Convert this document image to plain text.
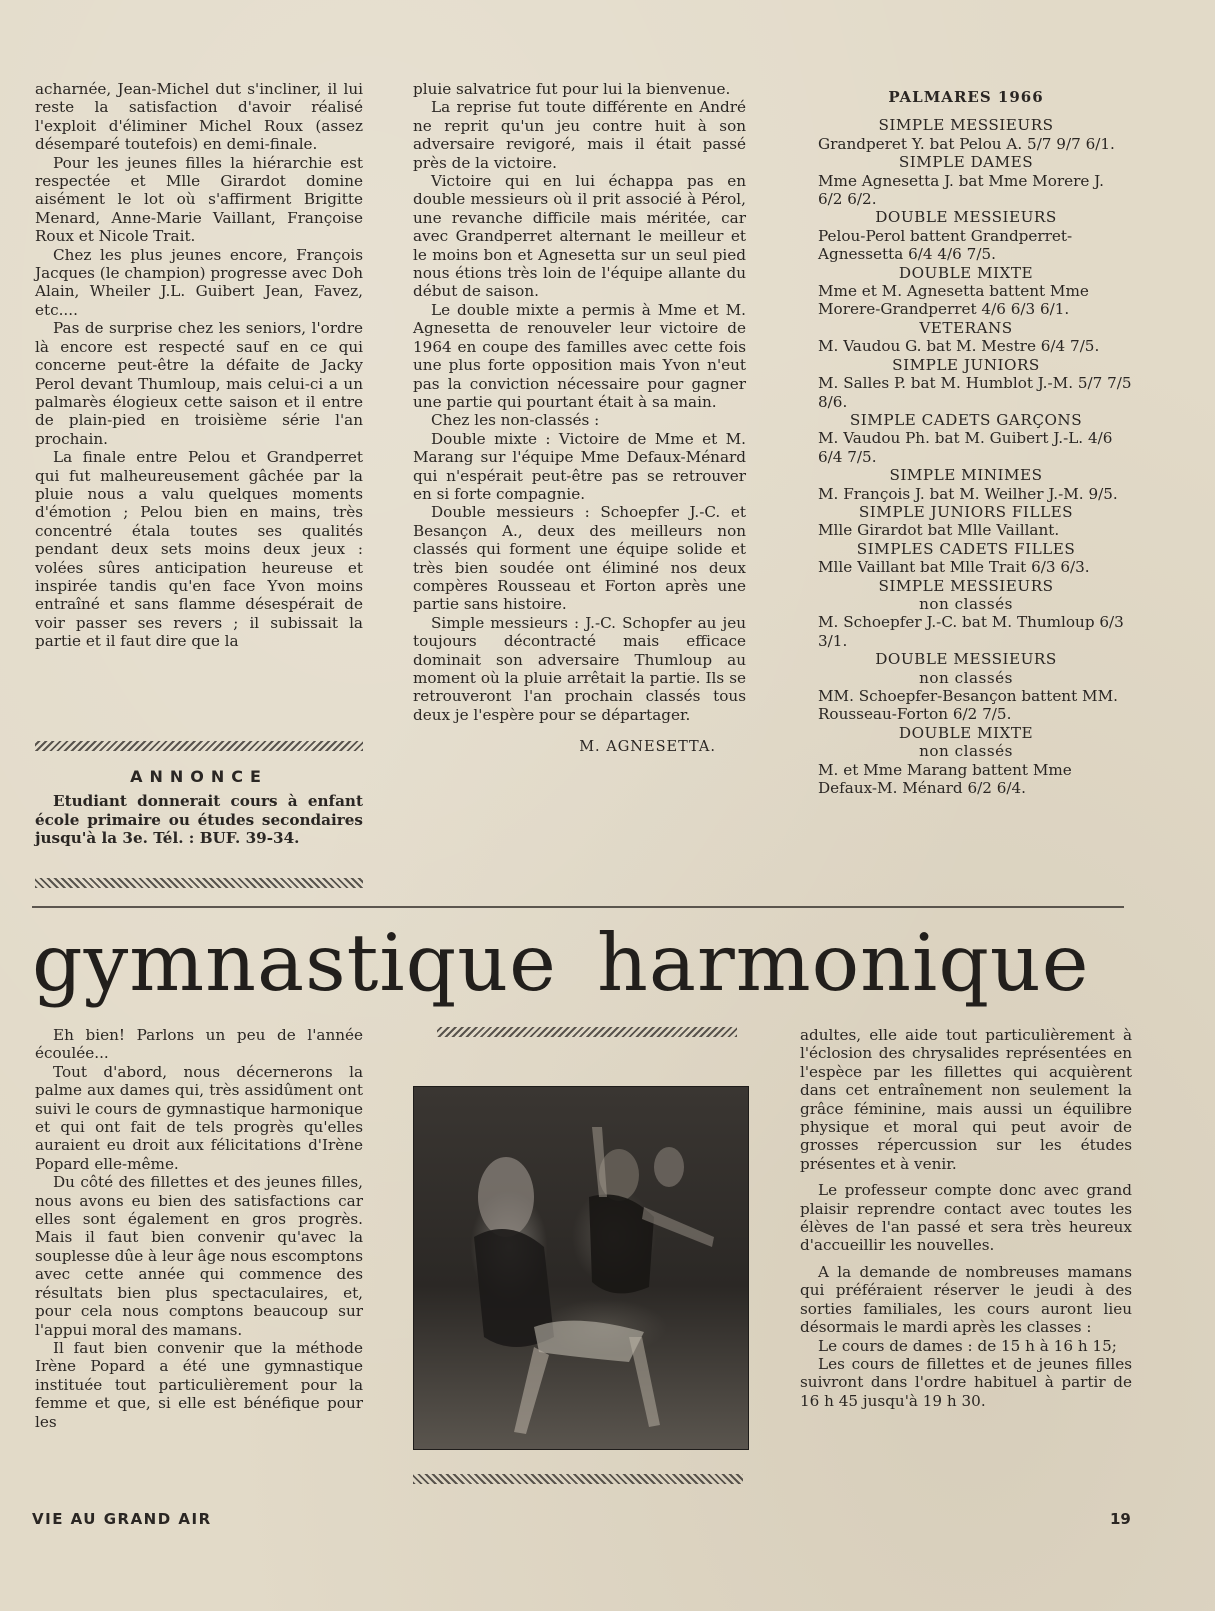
acharnée, Jean-Michel dut s'incliner, il lui reste la satisfaction d'avoir réalisé l'exploit d'éliminer Michel Roux (assez désemparé toutefois) en demi-finale.

Pour les jeunes filles la hiérarchie est respectée et Mlle Girardot domine aisément le lot où s'affirment Brigitte Menard, Anne-Marie Vaillant, Françoise Roux et Nicole Trait.

Chez les plus jeunes encore, François Jacques (le champion) progresse avec Doh Alain, Wheiler J.L. Guibert Jean, Favez, etc....

Pas de surprise chez les seniors, l'ordre là encore est respecté sauf en ce qui concerne peut-être la défaite de Jacky Perol devant Thumloup, mais celui-ci a un palmarès élogieux cette saison et il entre de plain-pied en troisième série l'an prochain.

La finale entre Pelou et Grandperret qui fut malheureusement gâchée par la pluie nous a valu quelques moments d'émotion ; Pelou bien en mains, très concentré étala toutes ses qualités pendant deux sets moins deux jeux : volées sûres anticipation heureuse et inspirée tandis qu'en face Yvon moins entraîné et sans flamme désespérait de voir passer ses revers ; il subissait la partie et il faut dire que la

ANNONCE
Etudiant donnerait cours à enfant école primaire ou études secondaires jusqu'à la 3e. Tél. : BUF. 39-34.

pluie salvatrice fut pour lui la bienvenue.

La reprise fut toute différente en André ne reprit qu'un jeu contre huit à son adversaire revigoré, mais il était passé près de la victoire.

Victoire qui en lui échappa pas en double messieurs où il prit associé à Pérol, une revanche difficile mais méritée, car avec Grandperret alternant le meilleur et le moins bon et Agnesetta sur un seul pied nous étions très loin de l'équipe allante du début de saison.

Le double mixte a permis à Mme et M. Agnesetta de renouveler leur victoire de 1964 en coupe des familles avec cette fois une plus forte opposition mais Yvon n'eut pas la conviction nécessaire pour gagner une partie qui pourtant était à sa main.

Chez les non-classés :

Double mixte : Victoire de Mme et M. Marang sur l'équipe Mme Defaux-Ménard qui n'espérait peut-être pas se retrouver en si forte compagnie.

Double messieurs : Schoepfer J.-C. et Besançon A., deux des meilleurs non classés qui forment une équipe solide et très bien soudée ont éliminé nos deux compères Rousseau et Forton après une partie sans histoire.

Simple messieurs : J.-C. Schopfer au jeu toujours décontracté mais efficace dominait son adversaire Thumloup au moment où la pluie arrêtait la partie. Ils se retrouveront l'an prochain classés tous deux je l'espère pour se départager.

M. AGNESETTA.
PALMARES 1966
SIMPLE MESSIEURS
Grandperet Y. bat Pelou A. 5/7 9/7 6/1.
SIMPLE DAMES
Mme Agnesetta J. bat Mme Morere J. 6/2 6/2.
DOUBLE MESSIEURS
Pelou-Perol battent Grandperret-Agnessetta 6/4 4/6 7/5.
DOUBLE MIXTE
Mme et M. Agnesetta battent Mme Morere-Grandperret 4/6 6/3 6/1.
VETERANS
M. Vaudou G. bat M. Mestre 6/4 7/5.
SIMPLE JUNIORS
M. Salles P. bat M. Humblot J.-M. 5/7 7/5 8/6.
SIMPLE CADETS GARÇONS
M. Vaudou Ph. bat M. Guibert J.-L. 4/6 6/4 7/5.
SIMPLE MINIMES
M. François J. bat M. Weilher J.-M. 9/5.
SIMPLE JUNIORS FILLES
Mlle Girardot bat Mlle Vaillant.
SIMPLES CADETS FILLES
Mlle Vaillant bat Mlle Trait 6/3 6/3.
SIMPLE MESSIEURS
non classés
M. Schoepfer J.-C. bat M. Thumloup 6/3 3/1.
DOUBLE MESSIEURS
non classés
MM. Schoepfer-Besançon battent MM. Rousseau-Forton 6/2 7/5.
DOUBLE MIXTE
non classés
M. et Mme Marang battent Mme Defaux-M. Ménard 6/2 6/4.
gymnastique harmonique

Eh bien! Parlons un peu de l'année écoulée...

Tout d'abord, nous décernerons la palme aux dames qui, très assidûment ont suivi le cours de gymnastique harmonique et qui ont fait de tels progrès qu'elles auraient eu droit aux félicitations d'Irène Popard elle-même.

Du côté des fillettes et des jeunes filles, nous avons eu bien des satisfactions car elles sont également en gros progrès. Mais il faut bien convenir qu'avec la souplesse dûe à leur âge nous escomptons avec cette année qui commence des résultats bien plus spectaculaires, et, pour cela nous comptons beaucoup sur l'appui moral des mamans.

Il faut bien convenir que la méthode Irène Popard a été une gymnastique instituée tout particulièrement pour la femme et que, si elle est bénéfique pour les

adultes, elle aide tout particulièrement à l'éclosion des chrysalides représentées en l'espèce par les fillettes qui acquièrent dans cet entraînement non seulement la grâce féminine, mais aussi un équilibre physique et moral qui peut avoir de grosses répercussion sur les études présentes et à venir.

Le professeur compte donc avec grand plaisir reprendre contact avec toutes les élèves de l'an passé et sera très heureux d'accueillir les nouvelles.

A la demande de nombreuses mamans qui préféraient réserver le jeudi à des sorties familiales, les cours auront lieu désormais le mardi après les classes :

Le cours de dames : de 15 h à 16 h 15;

Les cours de fillettes et de jeunes filles suivront dans l'ordre habituel à partir de 16 h 45 jusqu'à 19 h 30.

VIE AU GRAND AIR	19
